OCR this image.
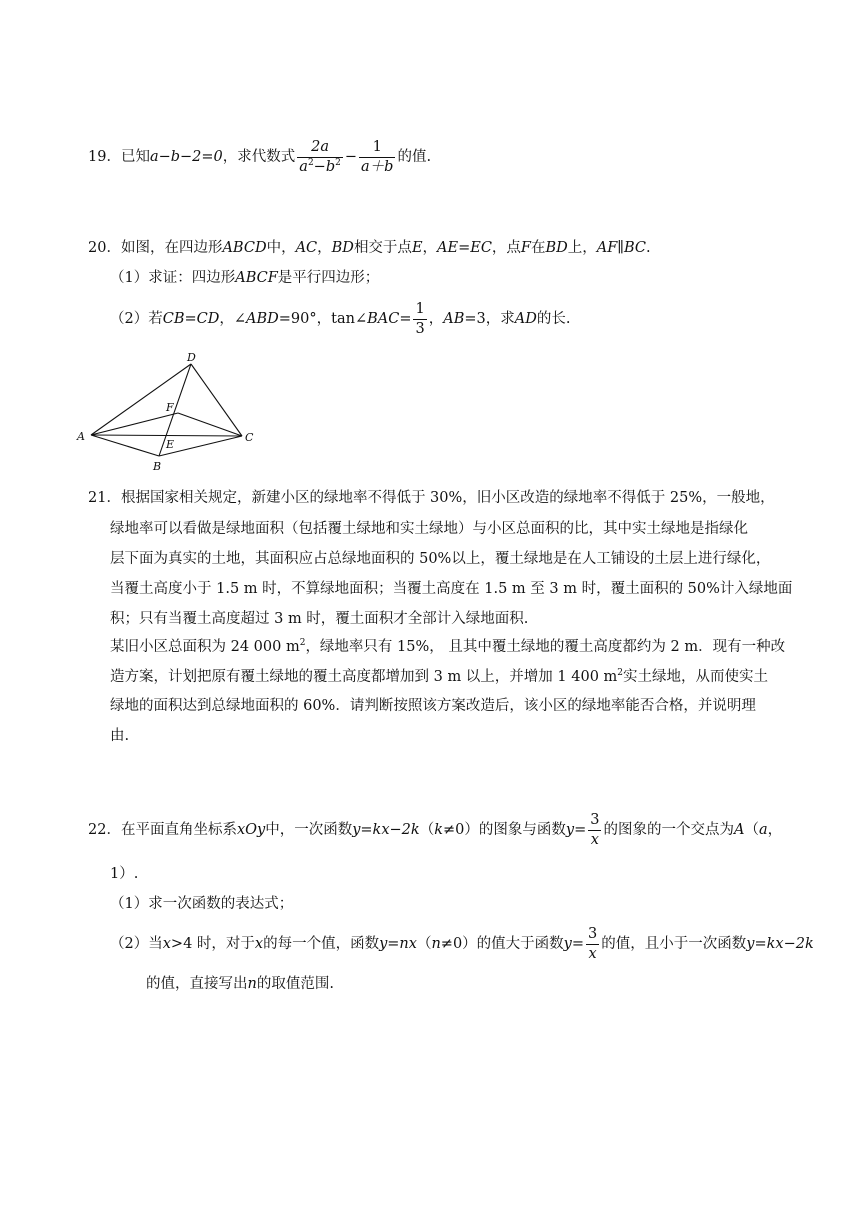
19．已知a−b−2=0，求代数式 $\frac{2a}{a^2-b^2} - \frac{1}{a+b}$ 的值.
20．如图，在四边形ABCD中，AC，BD相交于点E，AE=EC，点F在BD上，AF∥BC.
（1）求证：四边形ABCF是平行四边形；
（2）若CB=CD，∠ABD=90°，tan∠BAC= $\frac{1}{3}$ ，AB=3，求AD的长.
A
B
C
D
E
F
21．根据国家相关规定，新建小区的绿地率不得低于 30%，旧小区改造的绿地率不得低于 25%，一般地，
绿地率可以看做是绿地面积（包括覆土绿地和实土绿地）与小区总面积的比，其中实土绿地是指绿化
层下面为真实的土地，其面积应占总绿地面积的 50%以上，覆土绿地是在人工铺设的土层上进行绿化，
当覆土高度小于 1.5 m 时，不算绿地面积；当覆土高度在 1.5 m 至 3 m 时，覆土面积的 50%计入绿地面
积；只有当覆土高度超过 3 m 时，覆土面积才全部计入绿地面积.
某旧小区总面积为 24 000 $m^2$，绿地率只有 15%， 且其中覆土绿地的覆土高度都约为 2 m．现有一种改
造方案，计划把原有覆土绿地的覆土高度都增加到 3 m 以上，并增加 1 400 $m^2$实土绿地，从而使实土
绿地的面积达到总绿地面积的 60%．请判断按照该方案改造后，该小区的绿地率能否合格，并说明理
由.
22．在平面直角坐标系xOy中，一次函数y=kx−2k（k≠0）的图象与函数$y= \frac{3}{x}$ 的图象的一个交点为A（a，
1）.
（1）求一次函数的表达式；
（2）当x>4 时，对于x的每一个值，函数y=nx（n≠0）的值大于函数$y= \frac{3}{x}$ 的值，且小于一次函数y=kx−2k
的值，直接写出n的取值范围.
